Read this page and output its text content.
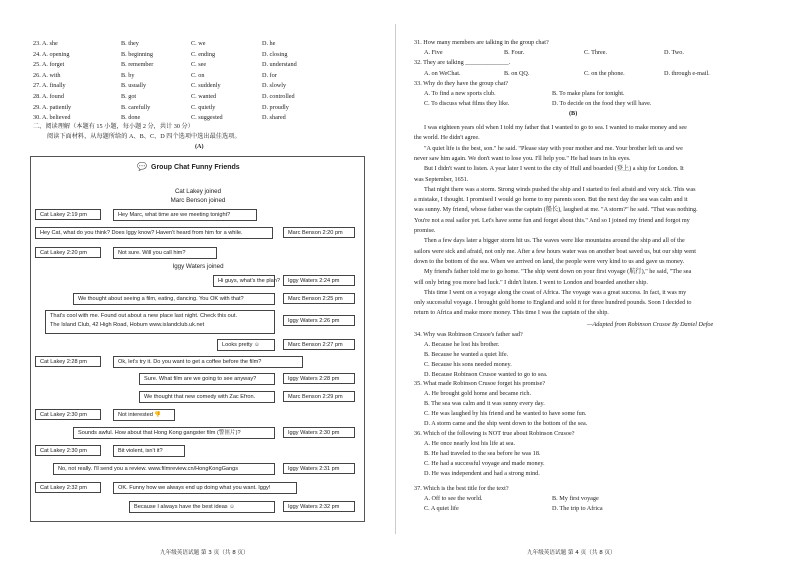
23. A. she	B. they	C. we	D. he
24. A. opening	B. beginning	C. ending	D. closing
25. A. forget	B. remember	C. see	D. understand
26. A. with	B. by	C. on	D. for
27. A. finally	B. usually	C. suddenly	D. slowly
28. A. found	B. got	C. wanted	D. controlled
29. A. patiently	B. carefully	C. quietly	D. proudly
30. A. believed	B. done	C. suggested	D. shared
二、阅读理解（本题有 15 小题，每小题 2 分，共计 30 分）
阅读下面材料，从每题所给的 A、B、C、D 四个选项中选出最佳选项。
(A)
💬 Group Chat Funny Friends
Cat Lakey joined
Marc Benson joined
Cat Lakey 2:19 pm	Hey Marc, what time are we meeting tonight?
Hey Cat, what do you think? Does Iggy know? Haven't heard from him for a while.	Marc Benson 2:20 pm
Cat Lakey 2:20 pm	Not sure. Will you call him?
Iggy Waters joined
Hi guys, what's the plan?	Iggy Waters 2:24 pm
We thought about seeing a film, eating, dancing. You OK with that?	Marc Benson 2:25 pm
That's cool with me. Found out about a new place last night. Check this out.
The Island Club, 42 High Road, Hobum www.islandclub.uk.net
Iggy Waters 2:26 pm
Looks pretty ☺	Marc Benson 2:27 pm
Cat Lakey 2:28 pm	Ok, let's try it. Do you want to get a coffee before the film?
Sure. What film are we going to see anyway?	Iggy Waters 2:28 pm
We thought that new comedy with Zac Efron.	Marc Benson 2:29 pm
Cat Lakey 2:30 pm	Not interested 👎
Sounds awful. How about that Hong Kong gangster film (警匪片)?	Iggy Waters 2:30 pm
Cat Lakey 2:30 pm	Bit violent, isn't it?
No, not really. I'll send you a review. www.filmreview.cn/HongKongGangs	Iggy Waters 2:31 pm
Cat Lakey 2:32 pm	OK. Funny how we always end up doing what you want. Iggy!
Because I always have the best ideas ☺	Iggy Waters 2:32 pm
九年级英语试题 第 3 页（共 8 页）
31. How many members are talking in the group chat?
A. Five	B. Four.	C. Three.	D. Two.
32. They are talking ______________.
A. on WeChat.	B. on QQ.	C. on the phone.	D. through e-mail.
33. Why do they have the group chat?
A. To find a new sports club.	B. To make plans for tonight.
C. To discuss what films they like.	D. To decide on the food they will have.
(B)
I was eighteen years old when I told my father that I wanted to go to sea. I wanted to make money and see
the world. He didn't agree.
"A quiet life is the best, son." he said. "Please stay with your mother and me. Your brother left us and we
never saw him again. We don't want to lose you. I'll help you." He had tears in his eyes.
But I didn't want to listen. A year later I went to the city of Hull and boarded (登上) a ship for London. It
was September, 1651.
That night there was a storm. Strong winds pushed the ship and I started to feel afraid and very sick. This was
a mistake, I thought. I promised I would go home to my parents soon. But the next day the sea was calm and it
was sunny. My friend, whose father was the captain (船长), laughed at me. "A storm?" he said. "That was nothing.
You're not a real sailor yet. Let's have some fun and forget about this." And so I joined my friend and forgot my
promise.
Then a few days later a bigger storm hit us. The waves were like mountains around the ship and all of the
sailors were sick and afraid, not only me. After a few hours water was on another boat saved us, but our ship went
down to the bottom of the sea. When we arrived on land, the people were very kind to us and gave us money.
My friend's father told me to go home. "The ship went down on your first voyage (航行)," he said, "The sea
will only bring you more bad luck." I didn't listen. I went to London and boarded another ship.
This time I went on a voyage along the coast of Africa. The voyage was a great success. In fact, it was my
only successful voyage. I brought gold home to England and sold it for three hundred pounds. Soon I decided to
return to Africa and make more money. This time I was the captain of the ship.
—Adapted from Robinson Crusoe By Daniel Defoe
34. Why was Robinson Crusoe's father sad?
A. Because he lost his brother.
B. Because he wanted a quiet life.
C. Because his sons needed money.
D. Because Robinson Crusoe wanted to go to sea.
35. What made Robinson Crusoe forget his promise?
A. He brought gold home and became rich.
B. The sea was calm and it was sunny every day.
C. He was laughed by his friend and he wanted to have some fun.
D. A storm came and the ship went down to the bottom of the sea.
36. Which of the following is NOT true about Robinson Crusoe?
A. He once nearly lost his life at sea.
B. He had traveled to the sea before he was 18.
C. He had a successful voyage and made money.
D. He was independent and had a strong mind.
37. Which is the best title for the text?
A. Off to see the world.	B. My first voyage
C. A quiet life	D. The trip to Africa
九年级英语试题 第 4 页（共 8 页）
